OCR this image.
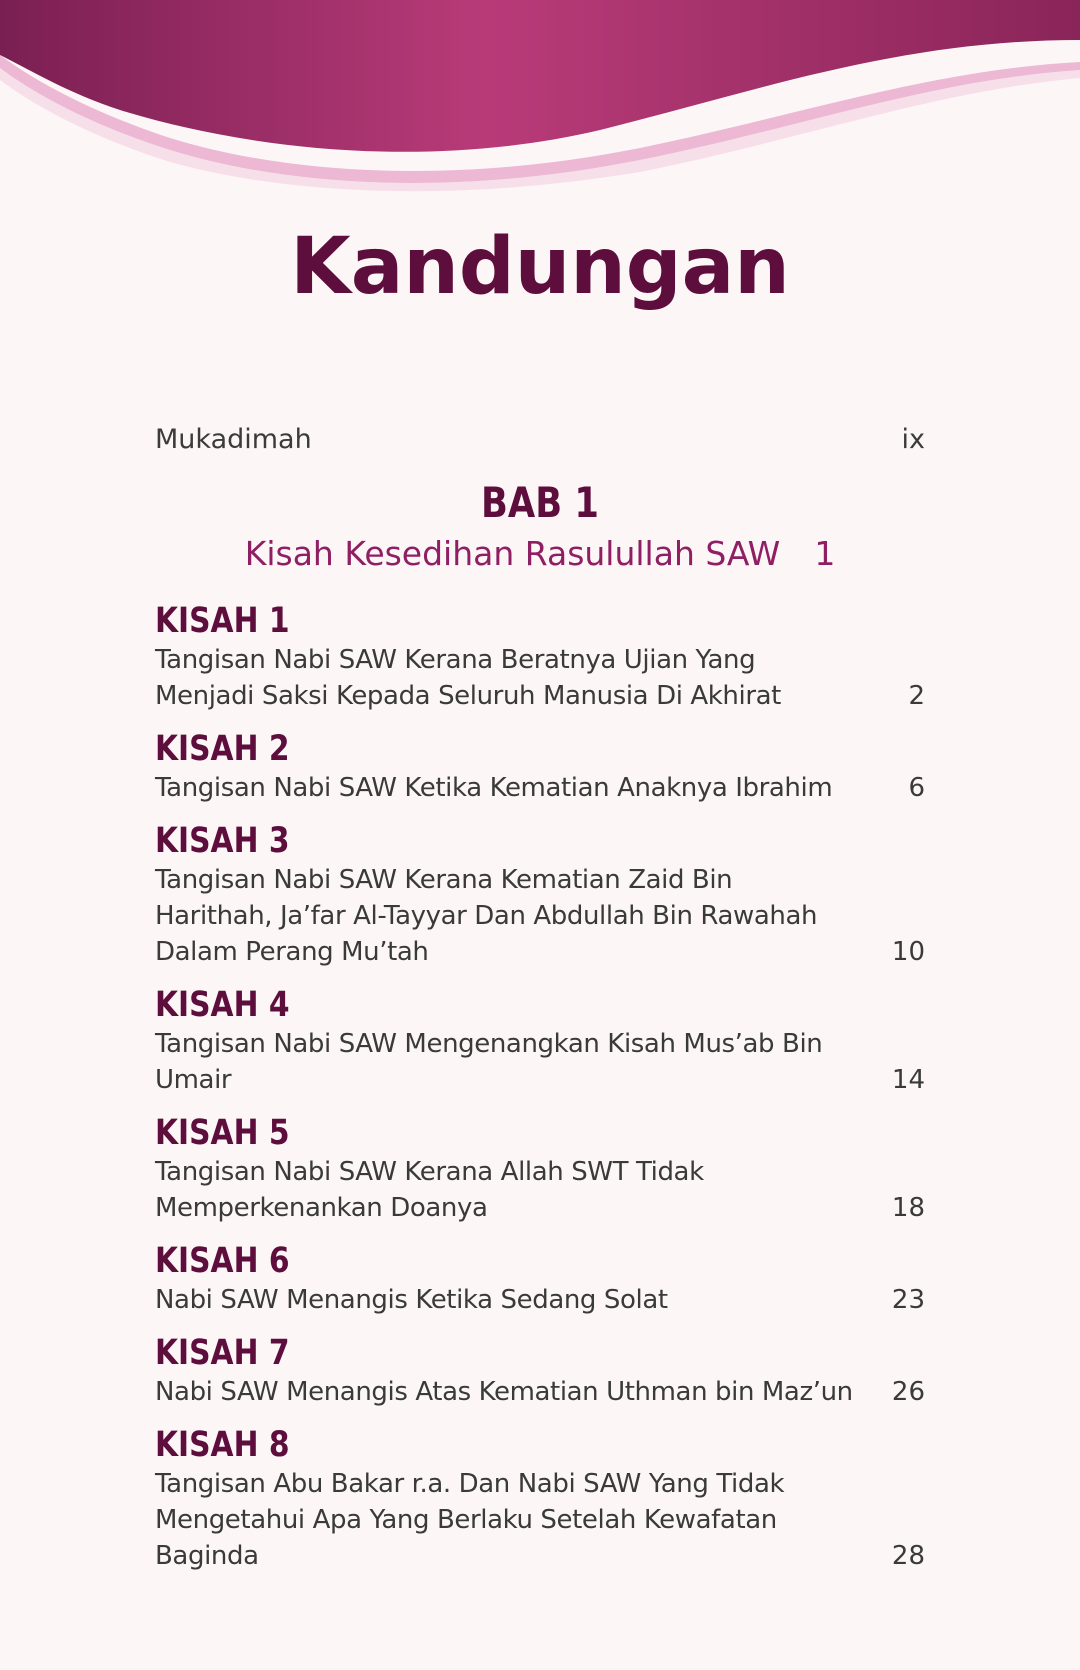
Kandungan
Mukadimah	ix
BAB 1
Kisah Kesedihan Rasulullah SAW 1
KISAH 1
Tangisan Nabi SAW Kerana Beratnya Ujian Yang Menjadi Saksi Kepada Seluruh Manusia Di Akhirat	2
KISAH 2
Tangisan Nabi SAW Ketika Kematian Anaknya Ibrahim	6
KISAH 3
Tangisan Nabi SAW Kerana Kematian Zaid Bin Harithah, Ja’far Al-Tayyar Dan Abdullah Bin Rawahah Dalam Perang Mu’tah	10
KISAH 4
Tangisan Nabi SAW Mengenangkan Kisah Mus’ab Bin Umair	14
KISAH 5
Tangisan Nabi SAW Kerana Allah SWT Tidak Memperkenankan Doanya	18
KISAH 6
Nabi SAW Menangis Ketika Sedang Solat	23
KISAH 7
Nabi SAW Menangis Atas Kematian Uthman bin Maz’un 26
KISAH 8
Tangisan Abu Bakar r.a. Dan Nabi SAW Yang Tidak Mengetahui Apa Yang Berlaku Setelah Kewafatan Baginda	28
